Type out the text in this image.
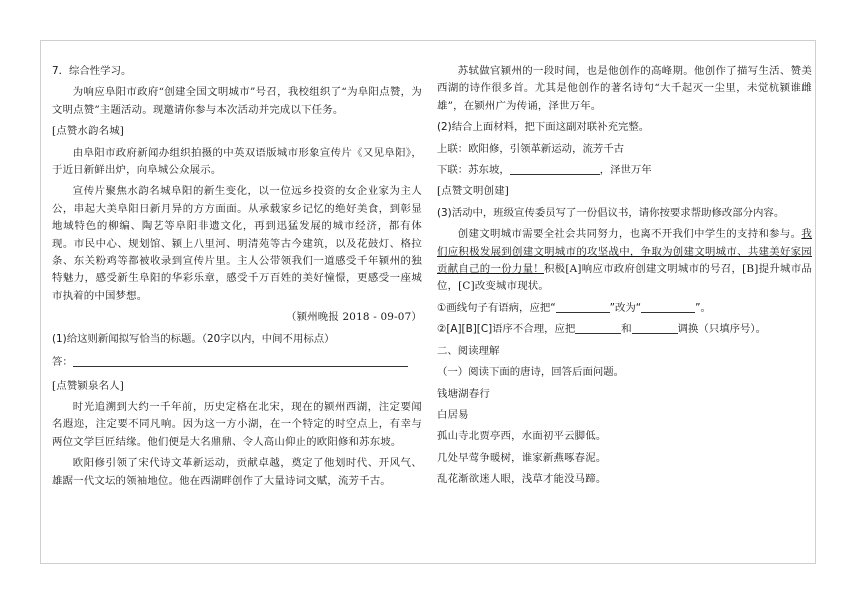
7．综合性学习。

为响应阜阳市政府“创建全国文明城市”号召，我校组织了“为阜阳点赞，为文明点赞”主题活动。现邀请你参与本次活动并完成以下任务。

[点赞水韵名城]

由阜阳市政府新闻办组织拍摄的中英双语版城市形象宣传片《又见阜阳》，于近日新鲜出炉，向阜城公众展示。

宣传片聚焦水韵名城阜阳的新生变化，以一位远乡投资的女企业家为主人公，串起大美阜阳日新月异的方方面面。从承载家乡记忆的绝好美食，到彰显地域特色的柳编、陶艺等阜阳非遗文化，再到迅猛发展的城市经济，都有体现。市民中心、规划馆、颍上八里河、明清苑等古今建筑，以及花鼓灯、格拉条、东关粉鸡等都被收录到宣传片里。主人公带领我们一道感受千年颍州的独特魅力，感受新生阜阳的华彩乐章，感受千万百姓的美好憧憬，更感受一座城市执着的中国梦想。

（颍州晚报 2018 - 09-07）

(1)给这则新闻拟写恰当的标题。（20字以内，中间不用标点）

答：

[点赞颍泉名人]

时光追溯到大约一千年前，历史定格在北宋，现在的颍州西湖，注定要闻名遐迩，注定要不同凡响。因为这一方小湖，在一个特定的时空点上，有幸与两位文学巨匠结缘。他们便是大名鼎鼎、令人高山仰止的欧阳修和苏东坡。

欧阳修引领了宋代诗文革新运动，贡献卓越，奠定了他划时代、开风气、雄踞一代文坛的领袖地位。他在西湖畔创作了大量诗词文赋，流芳千古。

苏轼做官颍州的一段时间，也是他创作的高峰期。他创作了描写生活、赞美西湖的诗作很多首。尤其是他创作的著名诗句“大千起灭一尘里，未觉杭颍谁雌雄”，在颍州广为传诵，泽世万年。

(2)结合上面材料，把下面这副对联补充完整。

上联：欧阳修，引领革新运动，流芳千古

下联：苏东坡，	，泽世万年

[点赞文明创建]

(3)活动中，班级宣传委员写了一份倡议书，请你按要求帮助修改部分内容。

创建文明城市需要全社会共同努力，也离不开我们中学生的支持和参与。我们应积极发展到创建文明城市的攻坚战中，争取为创建文明城市、共建美好家园贡献自己的一份力量！积极[A]响应市政府创建文明城市的号召，[B]提升城市品位，[C]改变城市现状。

①画线句子有语病，应把“	”改为“	”。

②[A][B][C]语序不合理，应把	和	调换（只填序号）。

二、阅读理解

（一）阅读下面的唐诗，回答后面问题。

钱塘湖春行

白居易

孤山寺北贾亭西，水面初平云脚低。

几处早莺争暖树，谁家新燕啄春泥。

乱花渐欲迷人眼，浅草才能没马蹄。
